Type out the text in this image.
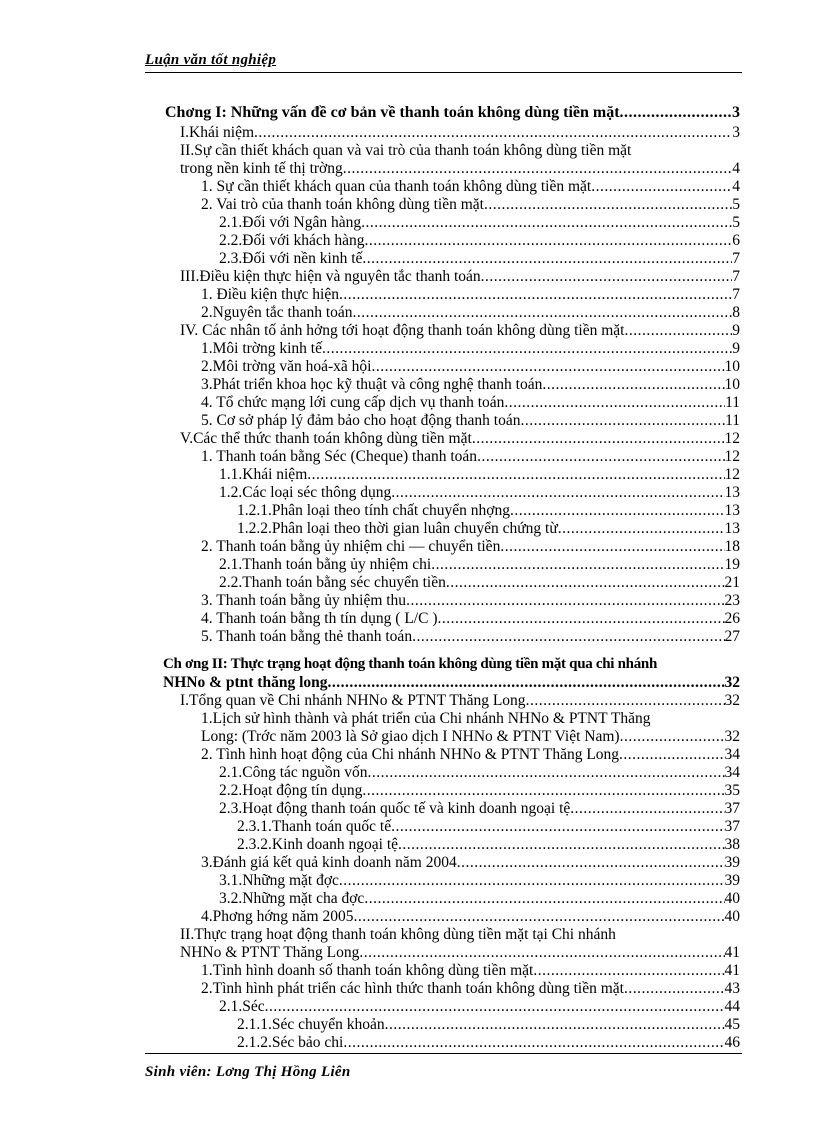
Luận văn tốt nghiệp
Chơng I: Những vấn đề cơ bản về thanh toán không dùng tiền mặt .....	3
I.Khái niệm .....	3
II.Sự cần thiết khách quan và vai trò của thanh toán không dùng tiền mặt
trong nền kinh tế thị trờng .....	4
1. Sự cần thiết khách quan của thanh toán không dùng tiền mặt .....	4
2. Vai trò của thanh toán không dùng tiền mặt .....	5
2.1.Đối với Ngân hàng .....	5
2.2.Đối với khách hàng .....	6
2.3.Đối với nền kinh tế .....	7
III.Điều kiện thực hiện và nguyên tắc thanh toán .....	7
1. Điều kiện thực hiện .....	7
2.Nguyên tắc thanh toán .....	8
IV. Các nhân tố ảnh hởng tới hoạt động thanh toán không dùng tiền mặt .....	9
1.Môi trờng kinh tế .....	9
2.Môi trờng văn hoá-xã hội .....	10
3.Phát triển khoa học kỹ thuật và công nghệ thanh toán .....	10
4. Tổ chức mạng lới cung cấp dịch vụ thanh toán .....	11
5. Cơ sở pháp lý đảm bảo cho hoạt động thanh toán .....	11
V.Các thể thức thanh toán không dùng tiền mặt .....	12
1. Thanh toán bằng Séc (Cheque) thanh toán .....	12
1.1.Khái niệm .....	12
1.2.Các loại séc thông dụng .....	13
1.2.1.Phân loại theo tính chất chuyển nhợng .....	13
1.2.2.Phân loại theo thời gian luân chuyển chứng từ .....	13
2. Thanh toán bằng ủy nhiệm chi — chuyển tiền .....	18
2.1.Thanh toán bằng ủy nhiệm chi .....	19
2.2.Thanh toán bằng séc chuyển tiền .....	21
3. Thanh toán bằng ủy nhiệm thu .....	23
4. Thanh toán bằng th tín dụng ( L/C ) .....	26
5. Thanh toán bằng thẻ thanh toán .....	27
Ch ơng II: Thực trạng hoạt động thanh toán không dùng tiền mặt qua chi nhánh
NHNo & ptnt thăng long .....	32
I.Tổng quan về Chi nhánh NHNo & PTNT Thăng Long .....	32
1.Lịch sử hình thành và phát triển của Chi nhánh NHNo & PTNT Thăng
Long: (Trớc năm 2003 là Sở giao dịch I NHNo & PTNT Việt Nam) .....	32
2. Tình hình hoạt động của Chi nhánh NHNo & PTNT Thăng Long .....	34
2.1.Công tác nguồn vốn .....	34
2.2.Hoạt động tín dụng .....	35
2.3.Hoạt động thanh toán quốc tế và kinh doanh ngoại tệ .....	37
2.3.1.Thanh toán quốc tế .....	37
2.3.2.Kinh doanh ngoại tệ .....	38
3.Đánh giá kết quả kinh doanh năm 2004 .....	39
3.1.Những mặt đợc .....	39
3.2.Những mặt cha đợc .....	40
4.Phơng hớng năm 2005 .....	40
II.Thực trạng hoạt động thanh toán không dùng tiền mặt tại Chi nhánh
NHNo & PTNT Thăng Long .....	41
1.Tình hình doanh số thanh toán không dùng tiền mặt .....	41
2.Tình hình phát triển các hình thức thanh toán không dùng tiền mặt .....	43
2.1.Séc .....	44
2.1.1.Séc chuyển khoản .....	45
2.1.2.Séc bảo chi .....	46
Sinh viên: Lơng Thị Hồng Liên
